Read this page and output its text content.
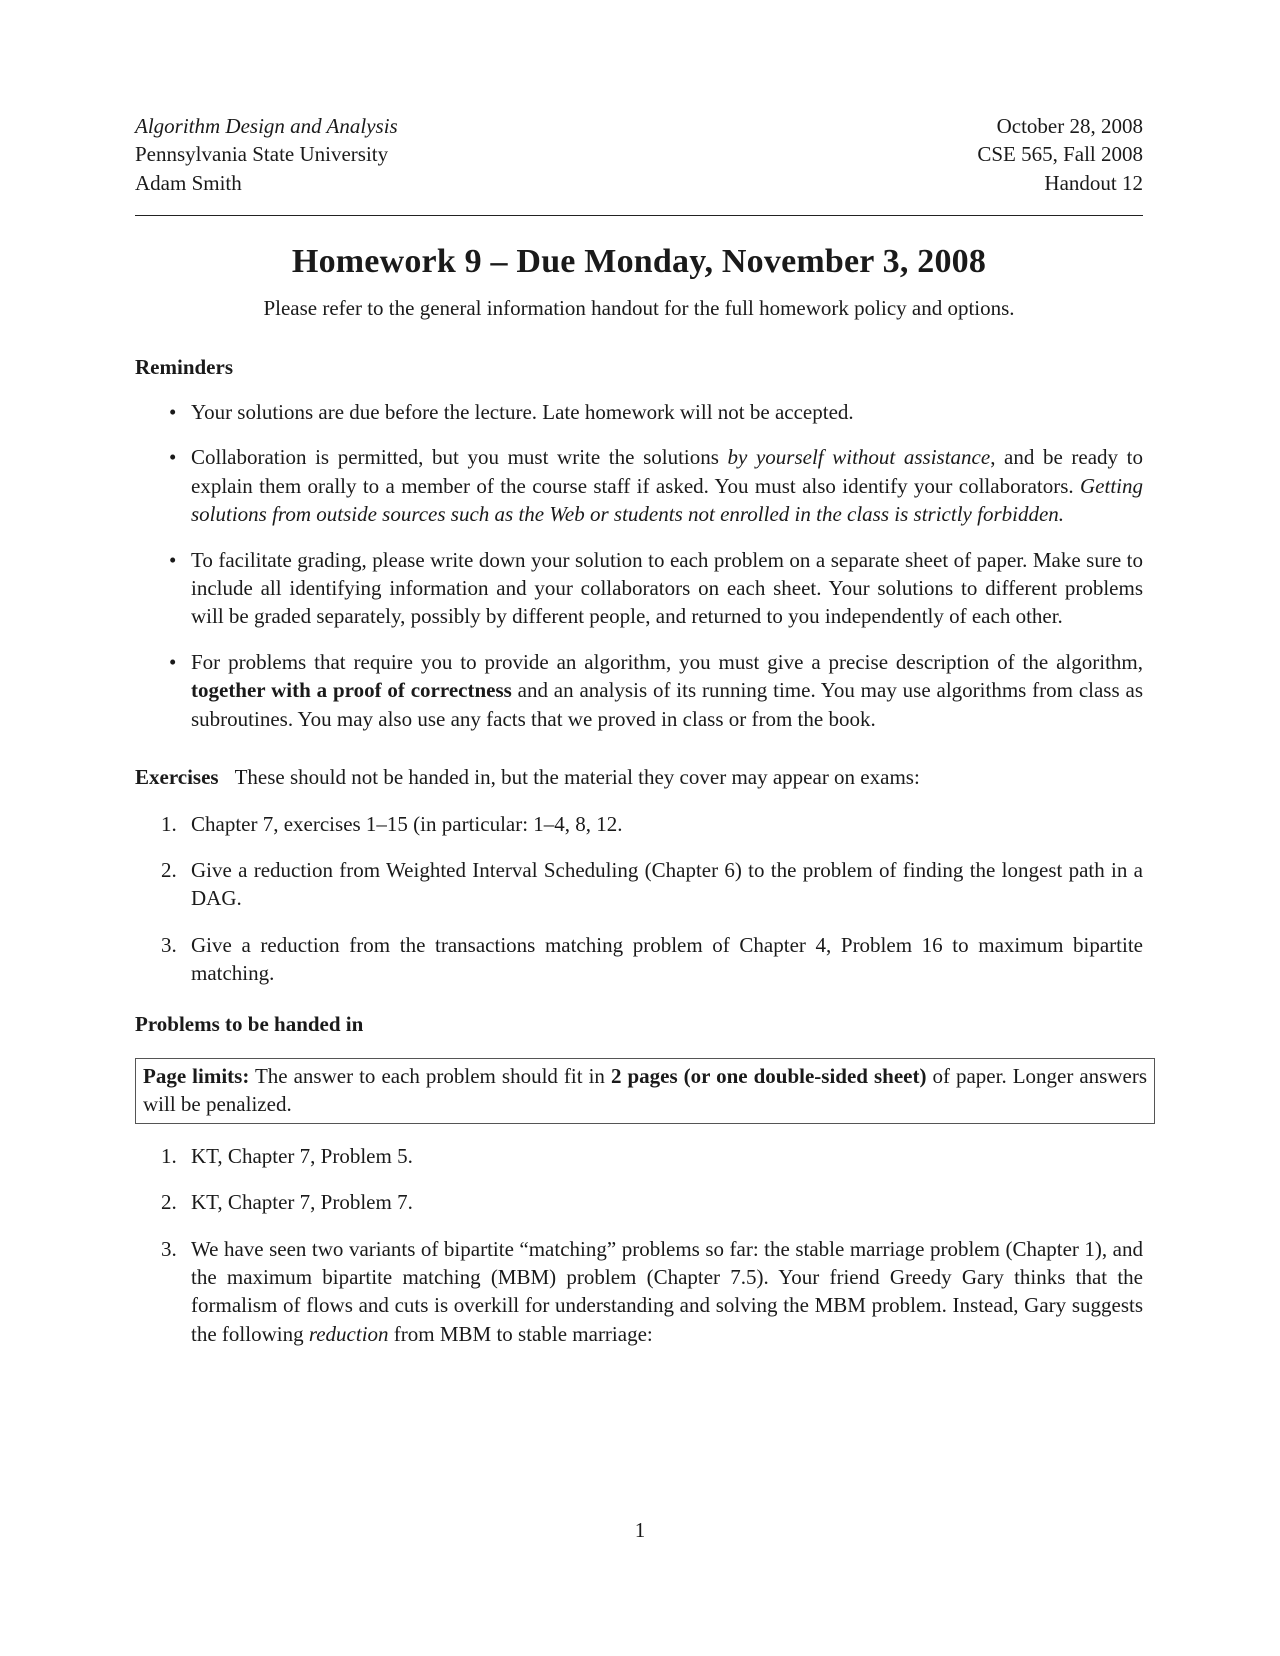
Algorithm Design and Analysis
Pennsylvania State University
Adam Smith
October 28, 2008
CSE 565, Fall 2008
Handout 12
Homework 9 – Due Monday, November 3, 2008
Please refer to the general information handout for the full homework policy and options.
Reminders
• Your solutions are due before the lecture. Late homework will not be accepted.
• Collaboration is permitted, but you must write the solutions by yourself without assistance, and be ready to explain them orally to a member of the course staff if asked. You must also identify your collaborators. Getting solutions from outside sources such as the Web or students not enrolled in the class is strictly forbidden.
• To facilitate grading, please write down your solution to each problem on a separate sheet of paper. Make sure to include all identifying information and your collaborators on each sheet. Your solutions to different problems will be graded separately, possibly by different people, and returned to you independently of each other.
• For problems that require you to provide an algorithm, you must give a precise description of the algorithm, together with a proof of correctness and an analysis of its running time. You may use algorithms from class as subroutines. You may also use any facts that we proved in class or from the book.
Exercises These should not be handed in, but the material they cover may appear on exams:
1. Chapter 7, exercises 1–15 (in particular: 1–4, 8, 12.
2. Give a reduction from Weighted Interval Scheduling (Chapter 6) to the problem of finding the longest path in a DAG.
3. Give a reduction from the transactions matching problem of Chapter 4, Problem 16 to maximum bipartite matching.
Problems to be handed in
Page limits: The answer to each problem should fit in 2 pages (or one double-sided sheet) of paper. Longer answers will be penalized.
1. KT, Chapter 7, Problem 5.
2. KT, Chapter 7, Problem 7.
3. We have seen two variants of bipartite “matching” problems so far: the stable marriage problem (Chapter 1), and the maximum bipartite matching (MBM) problem (Chapter 7.5). Your friend Greedy Gary thinks that the formalism of flows and cuts is overkill for understanding and solving the MBM problem. Instead, Gary suggests the following reduction from MBM to stable marriage:
1
